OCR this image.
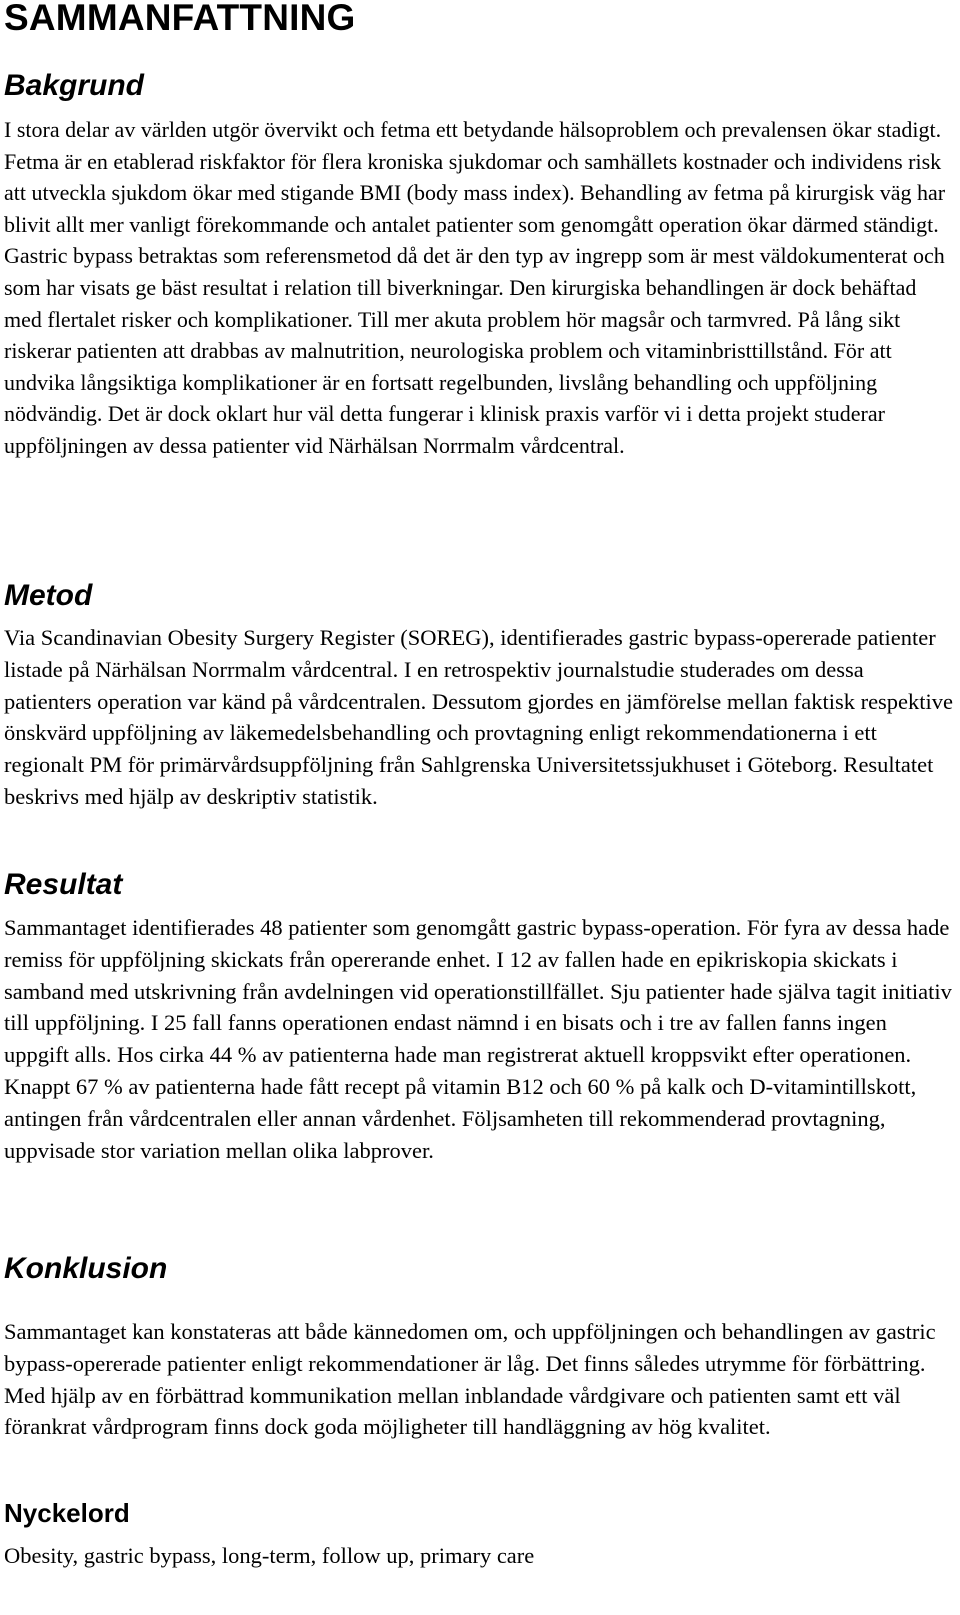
SAMMANFATTNING
Bakgrund

I stora delar av världen utgör övervikt och fetma ett betydande hälsoproblem och prevalensen ökar stadigt. Fetma är en etablerad riskfaktor för flera kroniska sjukdomar och samhällets kostnader och individens risk att utveckla sjukdom ökar med stigande BMI (body mass index). Behandling av fetma på kirurgisk väg har blivit allt mer vanligt förekommande och antalet patienter som genomgått operation ökar därmed ständigt. Gastric bypass betraktas som referensmetod då det är den typ av ingrepp som är mest väldokumenterat och som har visats ge bäst resultat i relation till biverkningar. Den kirurgiska behandlingen är dock behäftad med flertalet risker och komplikationer. Till mer akuta problem hör magsår och tarmvred. På lång sikt riskerar patienten att drabbas av malnutrition, neurologiska problem och vitaminbristtillstånd. För att undvika långsiktiga komplikationer är en fortsatt regelbunden, livslång behandling och uppföljning nödvändig. Det är dock oklart hur väl detta fungerar i klinisk praxis varför vi i detta projekt studerar uppföljningen av dessa patienter vid Närhälsan Norrmalm vårdcentral.

Metod

Via Scandinavian Obesity Surgery Register (SOREG), identifierades gastric bypass-opererade patienter listade på Närhälsan Norrmalm vårdcentral. I en retrospektiv journalstudie studerades om dessa patienters operation var känd på vårdcentralen. Dessutom gjordes en jämförelse mellan faktisk respektive önskvärd uppföljning av läkemedelsbehandling och provtagning enligt rekommendationerna i ett regionalt PM för primärvårdsuppföljning från Sahlgrenska Universitetssjukhuset i Göteborg. Resultatet beskrivs med hjälp av deskriptiv statistik.

Resultat

Sammantaget identifierades 48 patienter som genomgått gastric bypass-operation. För fyra av dessa hade remiss för uppföljning skickats från opererande enhet. I 12 av fallen hade en epikriskopia skickats i samband med utskrivning från avdelningen vid operationstillfället. Sju patienter hade själva tagit initiativ till uppföljning. I 25 fall fanns operationen endast nämnd i en bisats och i tre av fallen fanns ingen uppgift alls. Hos cirka 44 % av patienterna hade man registrerat aktuell kroppsvikt efter operationen. Knappt 67 % av patienterna hade fått recept på vitamin B12 och 60 % på kalk och D-vitamintillskott, antingen från vårdcentralen eller annan vårdenhet. Följsamheten till rekommenderad provtagning, uppvisade stor variation mellan olika labprover.

Konklusion

Sammantaget kan konstateras att både kännedomen om, och uppföljningen och behandlingen av gastric bypass-opererade patienter enligt rekommendationer är låg. Det finns således utrymme för förbättring. Med hjälp av en förbättrad kommunikation mellan inblandade vårdgivare och patienten samt ett väl förankrat vårdprogram finns dock goda möjligheter till handläggning av hög kvalitet.

Nyckelord

Obesity, gastric bypass, long-term, follow up, primary care
